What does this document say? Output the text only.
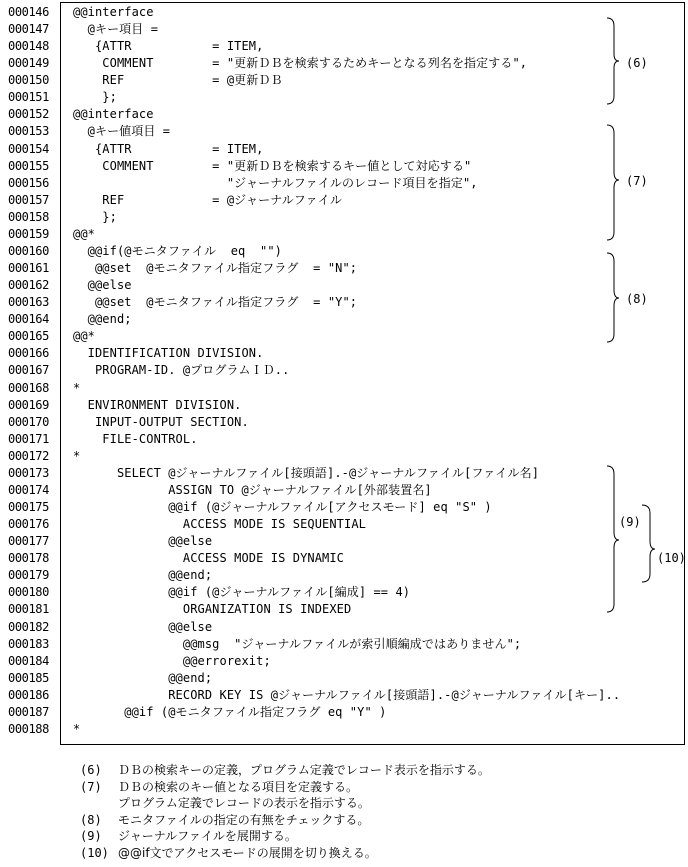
000146 @@interface
000147 @キー項目 =
000148 {ATTR           = ITEM,
000149 COMMENT        = "更新ＤＢを検索するためキーとなる列名を指定する",
000150 REF            = @更新ＤＢ
000151 };
000152 @@interface
000153 @キー値項目 =
000154 {ATTR           = ITEM,
000155 COMMENT        = "更新ＤＢを検索するキー値として対応する"
000156 "ジャーナルファイルのレコード項目を指定",
000157 REF            = @ジャーナルファイル
000158 };
000159 @@*
000160 @@if(@モニタファイル  eq  "")
000161 @@set  @モニタファイル指定フラグ  = "N";
000162 @@else
000163 @@set  @モニタファイル指定フラグ  = "Y";
000164 @@end;
000165 @@*
000166 IDENTIFICATION DIVISION.
000167 PROGRAM-ID. @プログラムＩＤ..
000168 *
000169 ENVIRONMENT DIVISION.
000170 INPUT-OUTPUT SECTION.
000171 FILE-CONTROL.
000172 *
000173 SELECT @ジャーナルファイル[接頭語].-@ジャーナルファイル[ファイル名]
000174 ASSIGN TO @ジャーナルファイル[外部装置名]
000175 @@if (@ジャーナルファイル[アクセスモード] eq "S" )
000176 ACCESS MODE IS SEQUENTIAL
000177 @@else
000178 ACCESS MODE IS DYNAMIC
000179 @@end;
000180 @@if (@ジャーナルファイル[編成] == 4)
000181 ORGANIZATION IS INDEXED
000182 @@else
000183 @@msg  "ジャーナルファイルが索引順編成ではありません";
000184 @@errorexit;
000185 @@end;
000186 RECORD KEY IS @ジャーナルファイル[接頭語].-@ジャーナルファイル[キー]..
000187 @@if (@モニタファイル指定フラグ eq "Y" )
000188 *
(6)
(7)
(8)
(9)
(10)
(6) ＤＢの検索キーの定義，プログラム定義でレコード表示を指示する。
(7) ＤＢの検索のキー値となる項目を定義する。
プログラム定義でレコードの表示を指示する。
(8) モニタファイルの指定の有無をチェックする。
(9) ジャーナルファイルを展開する。
(10) @@if文でアクセスモードの展開を切り換える。
